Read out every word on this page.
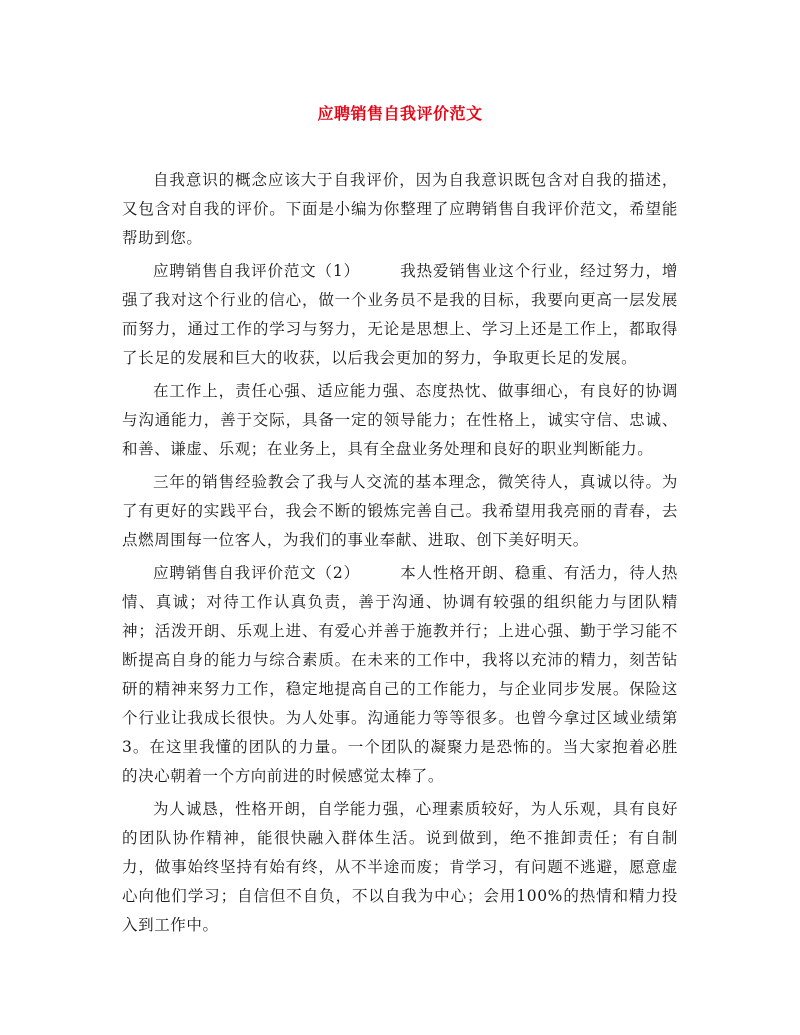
应聘销售自我评价范文

自我意识的概念应该大于自我评价，因为自我意识既包含对自我的描述，又包含对自我的评价。下面是小编为你整理了应聘销售自我评价范文，希望能帮助到您。

应聘销售自我评价范文（1）	我热爱销售业这个行业，经过努力，增强了我对这个行业的信心，做一个业务员不是我的目标，我要向更高一层发展而努力，通过工作的学习与努力，无论是思想上、学习上还是工作上，都取得了长足的发展和巨大的收获，以后我会更加的努力，争取更长足的发展。

在工作上，责任心强、适应能力强、态度热忱、做事细心，有良好的协调与沟通能力，善于交际，具备一定的领导能力；在性格上，诚实守信、忠诚、和善、谦虚、乐观；在业务上，具有全盘业务处理和良好的职业判断能力。

三年的销售经验教会了我与人交流的基本理念，微笑待人，真诚以待。为了有更好的实践平台，我会不断的锻炼完善自己。我希望用我亮丽的青春，去点燃周围每一位客人，为我们的事业奉献、进取、创下美好明天。

应聘销售自我评价范文（2）	本人性格开朗、稳重、有活力，待人热情、真诚；对待工作认真负责，善于沟通、协调有较强的组织能力与团队精神；活泼开朗、乐观上进、有爱心并善于施教并行；上进心强、勤于学习能不断提高自身的能力与综合素质。在未来的工作中，我将以充沛的精力，刻苦钻研的精神来努力工作，稳定地提高自己的工作能力，与企业同步发展。保险这个行业让我成长很快。为人处事。沟通能力等等很多。也曾今拿过区域业绩第3。在这里我懂的团队的力量。一个团队的凝聚力是恐怖的。当大家抱着必胜的决心朝着一个方向前进的时候感觉太棒了。

为人诚恳，性格开朗，自学能力强，心理素质较好，为人乐观，具有良好的团队协作精神，能很快融入群体生活。说到做到，绝不推卸责任；有自制力，做事始终坚持有始有终，从不半途而废；肯学习，有问题不逃避，愿意虚心向他们学习；自信但不自负，不以自我为中心；会用100%的热情和精力投入到工作中。
